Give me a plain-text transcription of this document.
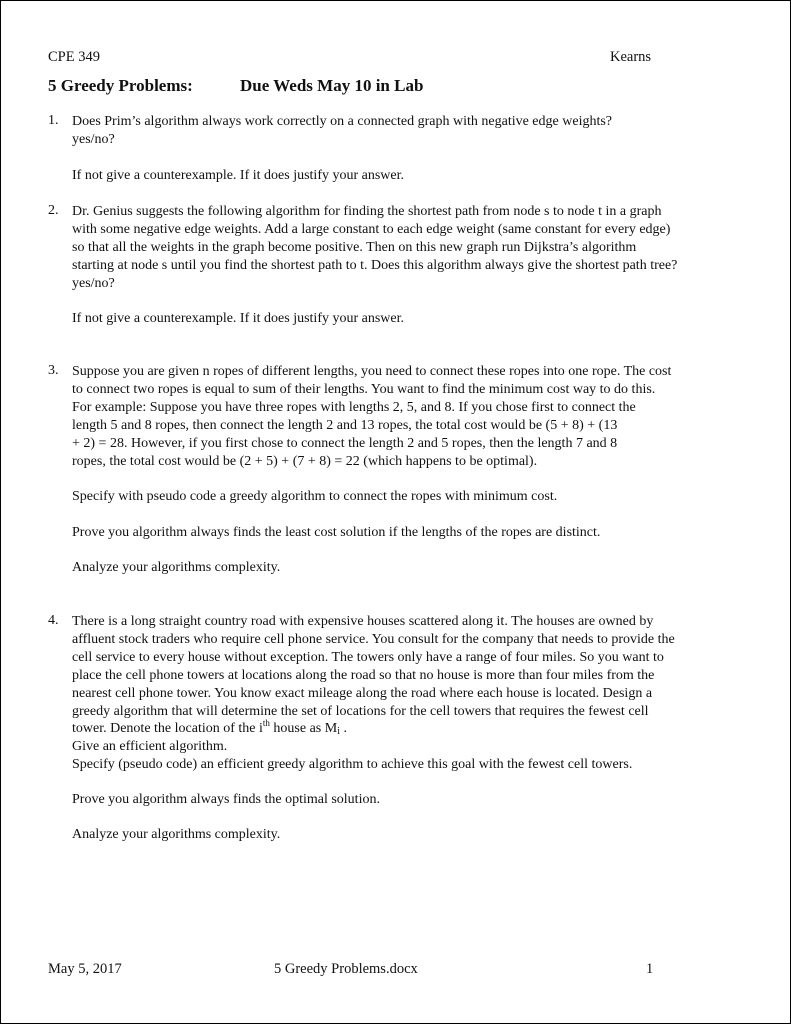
CPE 349	Kearns
5 Greedy Problems:	Due Weds May 10 in Lab
1. Does Prim’s algorithm always work correctly on a connected graph with negative edge weights?
yes/no?
If not give a counterexample. If it does justify your answer.
2. Dr. Genius suggests the following algorithm for finding the shortest path from node s to node t in a graph
with some negative edge weights. Add a large constant to each edge weight (same constant for every edge)
so that all the weights in the graph become positive. Then on this new graph run Dijkstra’s algorithm
starting at node s until you find the shortest path to t. Does this algorithm always give the shortest path tree?
yes/no?
If not give a counterexample. If it does justify your answer.
3. Suppose you are given n ropes of different lengths, you need to connect these ropes into one rope. The cost
to connect two ropes is equal to sum of their lengths. You want to find the minimum cost way to do this.
For example: Suppose you have three ropes with lengths 2, 5, and 8. If you chose first to connect the
length 5 and 8 ropes, then connect the length 2 and 13 ropes, the total cost would be (5 + 8) + (13
+ 2) = 28. However, if you first chose to connect the length 2 and 5 ropes, then the length 7 and 8
ropes, the total cost would be (2 + 5) + (7 + 8) = 22 (which happens to be optimal).
Specify with pseudo code a greedy algorithm to connect the ropes with minimum cost.
Prove you algorithm always finds the least cost solution if the lengths of the ropes are distinct.
Analyze your algorithms complexity.
4. There is a long straight country road with expensive houses scattered along it. The houses are owned by
affluent stock traders who require cell phone service. You consult for the company that needs to provide the
cell service to every house without exception. The towers only have a range of four miles. So you want to
place the cell phone towers at locations along the road so that no house is more than four miles from the
nearest cell phone tower. You know exact mileage along the road where each house is located. Design a
greedy algorithm that will determine the set of locations for the cell towers that requires the fewest cell
tower. Denote the location of the $i^{th}$ house as $M_i$ .
Give an efficient algorithm.
Specify (pseudo code) an efficient greedy algorithm to achieve this goal with the fewest cell towers.
Prove you algorithm always finds the optimal solution.
Analyze your algorithms complexity.
May 5, 2017	5 Greedy Problems.docx	1
